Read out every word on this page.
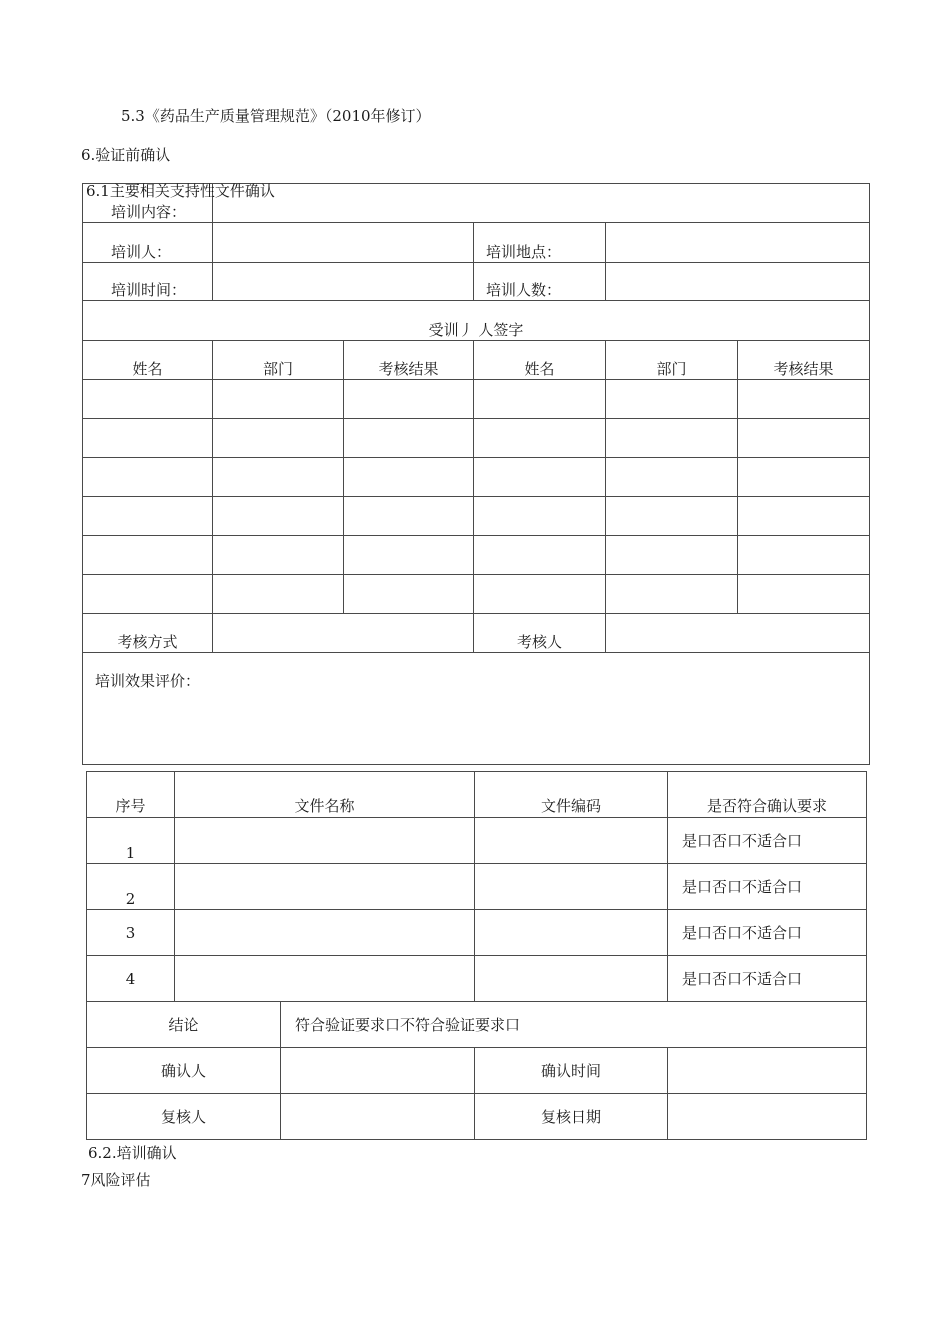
5.3《药品生产质量管理规范》（2010年修订）
6.验证前确认
培训内容：					
培训人：			培训地点：		
培训时间：			培训人数：		
受训丿 人签字					
姓名	部门	考核结果	姓名	部门	考核结果

考核方式			考核人		
培训效果评价：					
6.1主要相关支持性文件确认
序号	文件名称		文件编码	是否符合确认要求
1				是口否口不适合口
2				是口否口不适合口
3				是口否口不适合口
4				是口否口不适合口
结论		符合验证要求口不符合验证要求口		
确认人			确认时间	
复核人			复核日期	
6.2.培训确认
7风险评估
